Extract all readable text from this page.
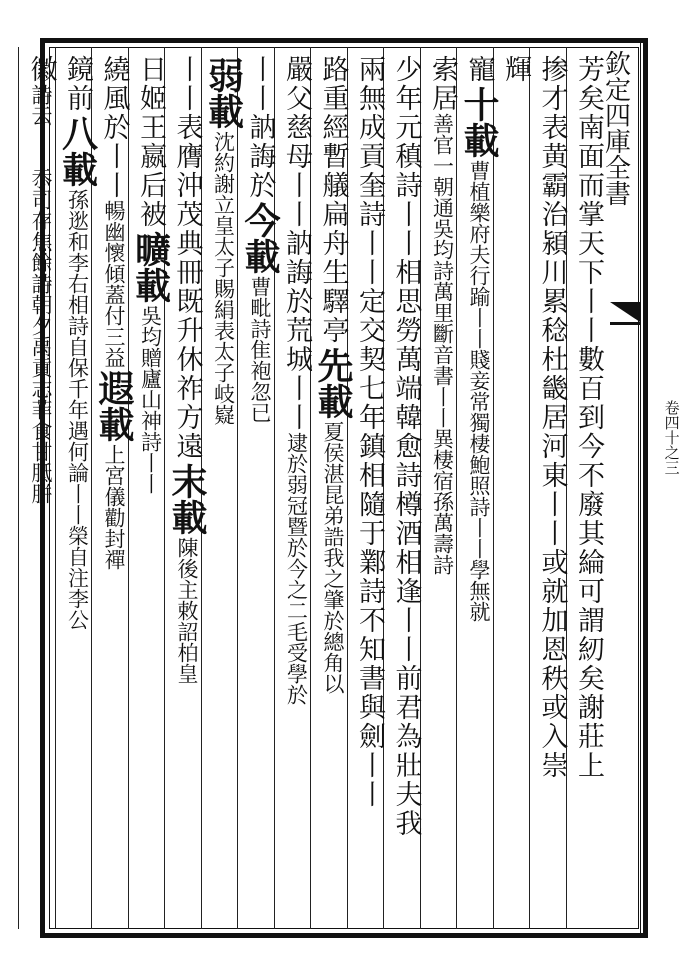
欽定四庫全書
卷四十之三
芳矣南面而掌天下丨丨數百到今不廢其綸可謂紉矣謝莊上
掺才表黄霸治潁川累稔杜畿居河東丨丨或就加恩秩或入崇
輝
寵
十載
曹植樂府夫行踰丨丨賤妾常獨棲鮑照詩丨丨學無就
索居
善官一朝通吳均詩萬里斷音書丨丨異棲宿孫萬壽詩
少年元稹詩丨丨相思勞萬端韓愈詩樽酒相逢丨丨前君為壯夫我
兩無成貢奎詩丨丨定交契七年鎮相隨于鄴詩不知書與劍丨丨
路重經暫艤扁舟生驛亭
先載
夏侯湛昆弟誥我之肇於總角以
嚴父慈母丨丨訥誨於荒城丨丨
逮於弱冠暨於今之二毛受學於
丨丨訥誨於
今載
曹毗詩隹袍忽已
弱載
沈約謝立皇太子賜絹表太子岐嶷
丨丨表膺沖茂典冊既升休祚方遠
末載
陳後主敕詔柏皇
日姬王嬴后被
曠載
吳均贈廬山神詩丨丨
繞風於丨丨
暢幽懷傾蓋付三益
遐載
上宮儀勸封禪
鏡前
八載
孫逖和李右相詩自保千年遇何論丨丨榮自注李公
徽
詩云丨丨忝司存焦餘詩朝夕禹貢志菲食甘胝胼丨
